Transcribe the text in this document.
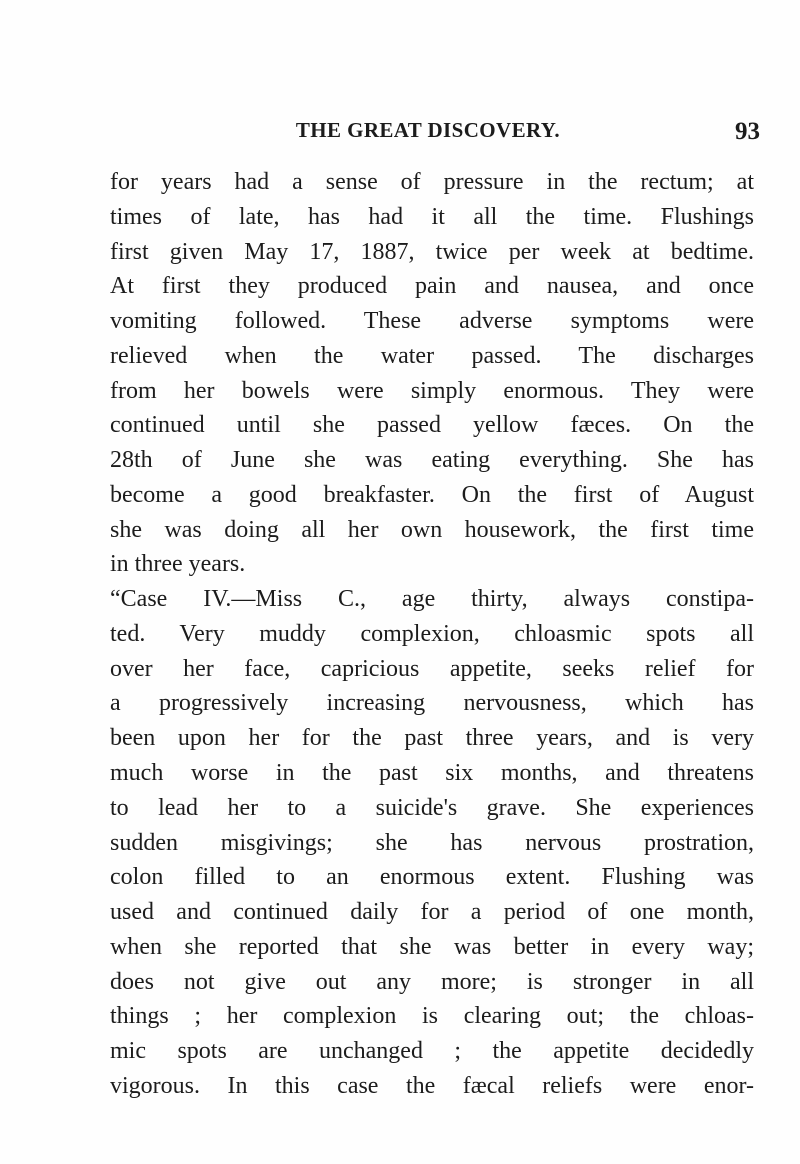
THE GREAT DISCOVERY.	93
for years had a sense of pressure in the rectum; at
times of late, has had it all the time. Flushings
first given May 17, 1887, twice per week at bedtime.
At first they produced pain and nausea, and once
vomiting followed. These adverse symptoms were
relieved when the water passed. The discharges
from her bowels were simply enormous. They were
continued until she passed yellow fæces. On the
28th of June she was eating everything. She has
become a good breakfaster. On the first of August
she was doing all her own housework, the first time
in three years.
“Case IV.—Miss C., age thirty, always constipa-
ted. Very muddy complexion, chloasmic spots all
over her face, capricious appetite, seeks relief for
a progressively increasing nervousness, which has
been upon her for the past three years, and is very
much worse in the past six months, and threatens
to lead her to a suicide's grave. She experiences
sudden misgivings; she has nervous prostration,
colon filled to an enormous extent. Flushing was
used and continued daily for a period of one month,
when she reported that she was better in every way;
does not give out any more; is stronger in all
things ; her complexion is clearing out; the chloas-
mic spots are unchanged ; the appetite decidedly
vigorous. In this case the fæcal reliefs were enor-
